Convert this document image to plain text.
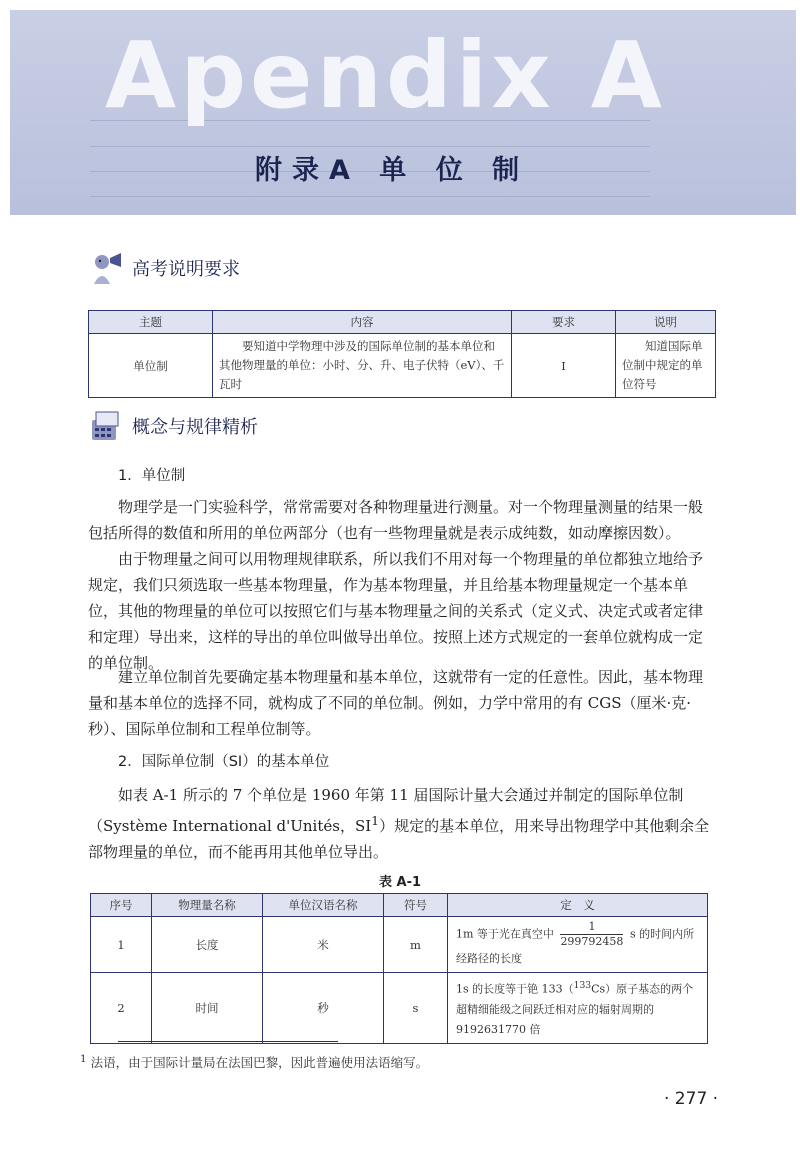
Apendix A
附录A 单 位 制
高考说明要求
主题	内容	要求	说明
单位制	要知道中学物理中涉及的国际单位制的基本单位和其他物理量的单位：小时、分、升、电子伏特（eV）、千瓦时	I	知道国际单位制中规定的单位符号
概念与规律精析
1．单位制

物理学是一门实验科学，常常需要对各种物理量进行测量。对一个物理量测量的结果一般包括所得的数值和所用的单位两部分（也有一些物理量就是表示成纯数，如动摩擦因数）。

由于物理量之间可以用物理规律联系，所以我们不用对每一个物理量的单位都独立地给予规定，我们只须选取一些基本物理量，作为基本物理量，并且给基本物理量规定一个基本单位，其他的物理量的单位可以按照它们与基本物理量之间的关系式（定义式、决定式或者定律和定理）导出来，这样的导出的单位叫做导出单位。按照上述方式规定的一套单位就构成一定的单位制。

建立单位制首先要确定基本物理量和基本单位，这就带有一定的任意性。因此，基本物理量和基本单位的选择不同，就构成了不同的单位制。例如，力学中常用的有 CGS（厘米·克·秒）、国际单位制和工程单位制等。

2．国际单位制（SI）的基本单位

如表 A-1 所示的 7 个单位是 1960 年第 11 届国际计量大会通过并制定的国际单位制（Système International d'Unités，$SI^1$）规定的基本单位，用来导出物理学中其他剩余全部物理量的单位，而不能再用其他单位导出。

表 A-1
序号	物理量名称	单位汉语名称	符号	定　义
1	长度	米	m	1m 等于光在真空中 $\frac{1}{299792458}$ s 的时间内所经路径的长度
2	时间	秒	s	1s 的长度等于铯 133（$^{133}$Cs）原子基态的两个超精细能级之间跃迁相对应的辐射周期的 9192631770 倍
$^1$ 法语，由于国际计量局在法国巴黎，因此普遍使用法语缩写。
· 277 ·
